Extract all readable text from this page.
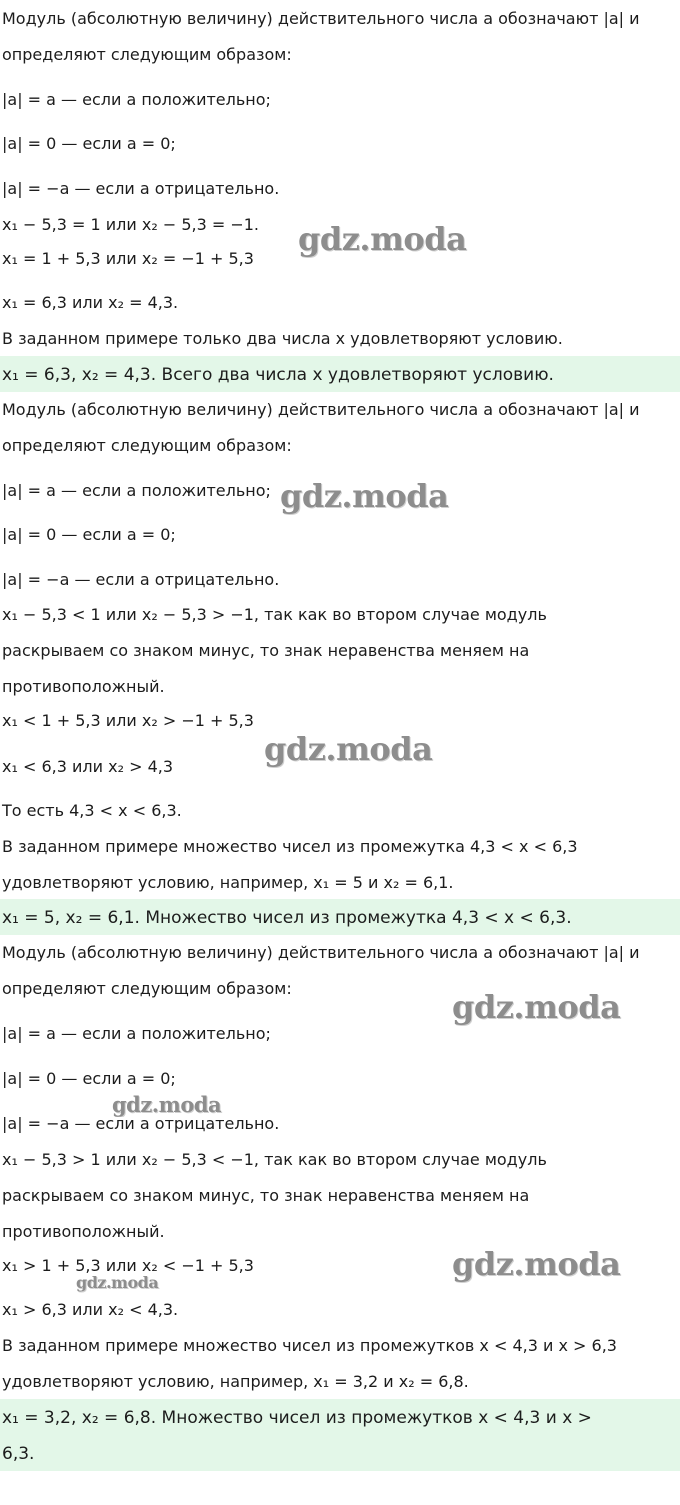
Модуль (абсолютную величину) действительного числа a обозначают |a| и
определяют следующим образом:
|a| = a — если a положительно;
|a| = 0 — если a = 0;
|a| = −a — если a отрицательно.
x₁ − 5,3 = 1 или x₂ − 5,3 = −1.
x₁ = 1 + 5,3 или x₂ = −1 + 5,3
x₁ = 6,3 или x₂ = 4,3.
В заданном примере только два числа x удовлетворяют условию.
x₁ = 6,3, x₂ = 4,3. Всего два числа x удовлетворяют условию.
Модуль (абсолютную величину) действительного числа a обозначают |a| и
определяют следующим образом:
|a| = a — если a положительно;
|a| = 0 — если a = 0;
|a| = −a — если a отрицательно.
x₁ − 5,3 < 1 или x₂ − 5,3 > −1, так как во втором случае модуль
раскрываем со знаком минус, то знак неравенства меняем на
противоположный.
x₁ < 1 + 5,3 или x₂ > −1 + 5,3
x₁ < 6,3 или x₂ > 4,3
То есть 4,3 < x < 6,3.
В заданном примере множество чисел из промежутка 4,3 < x < 6,3
удовлетворяют условию, например, x₁ = 5 и x₂ = 6,1.
x₁ = 5, x₂ = 6,1. Множество чисел из промежутка 4,3 < x < 6,3.
Модуль (абсолютную величину) действительного числа a обозначают |a| и
определяют следующим образом:
|a| = a — если a положительно;
|a| = 0 — если a = 0;
|a| = −a — если a отрицательно.
x₁ − 5,3 > 1 или x₂ − 5,3 < −1, так как во втором случае модуль
раскрываем со знаком минус, то знак неравенства меняем на
противоположный.
x₁ > 1 + 5,3 или x₂ < −1 + 5,3
x₁ > 6,3 или x₂ < 4,3.
В заданном примере множество чисел из промежутков x < 4,3 и x > 6,3
удовлетворяют условию, например, x₁ = 3,2 и x₂ = 6,8.
x₁ = 3,2, x₂ = 6,8. Множество чисел из промежутков x < 4,3 и x >
6,3.
gdz.moda
gdz.moda
gdz.moda
gdz.moda
gdz.moda
gdz.moda
gdz.moda
